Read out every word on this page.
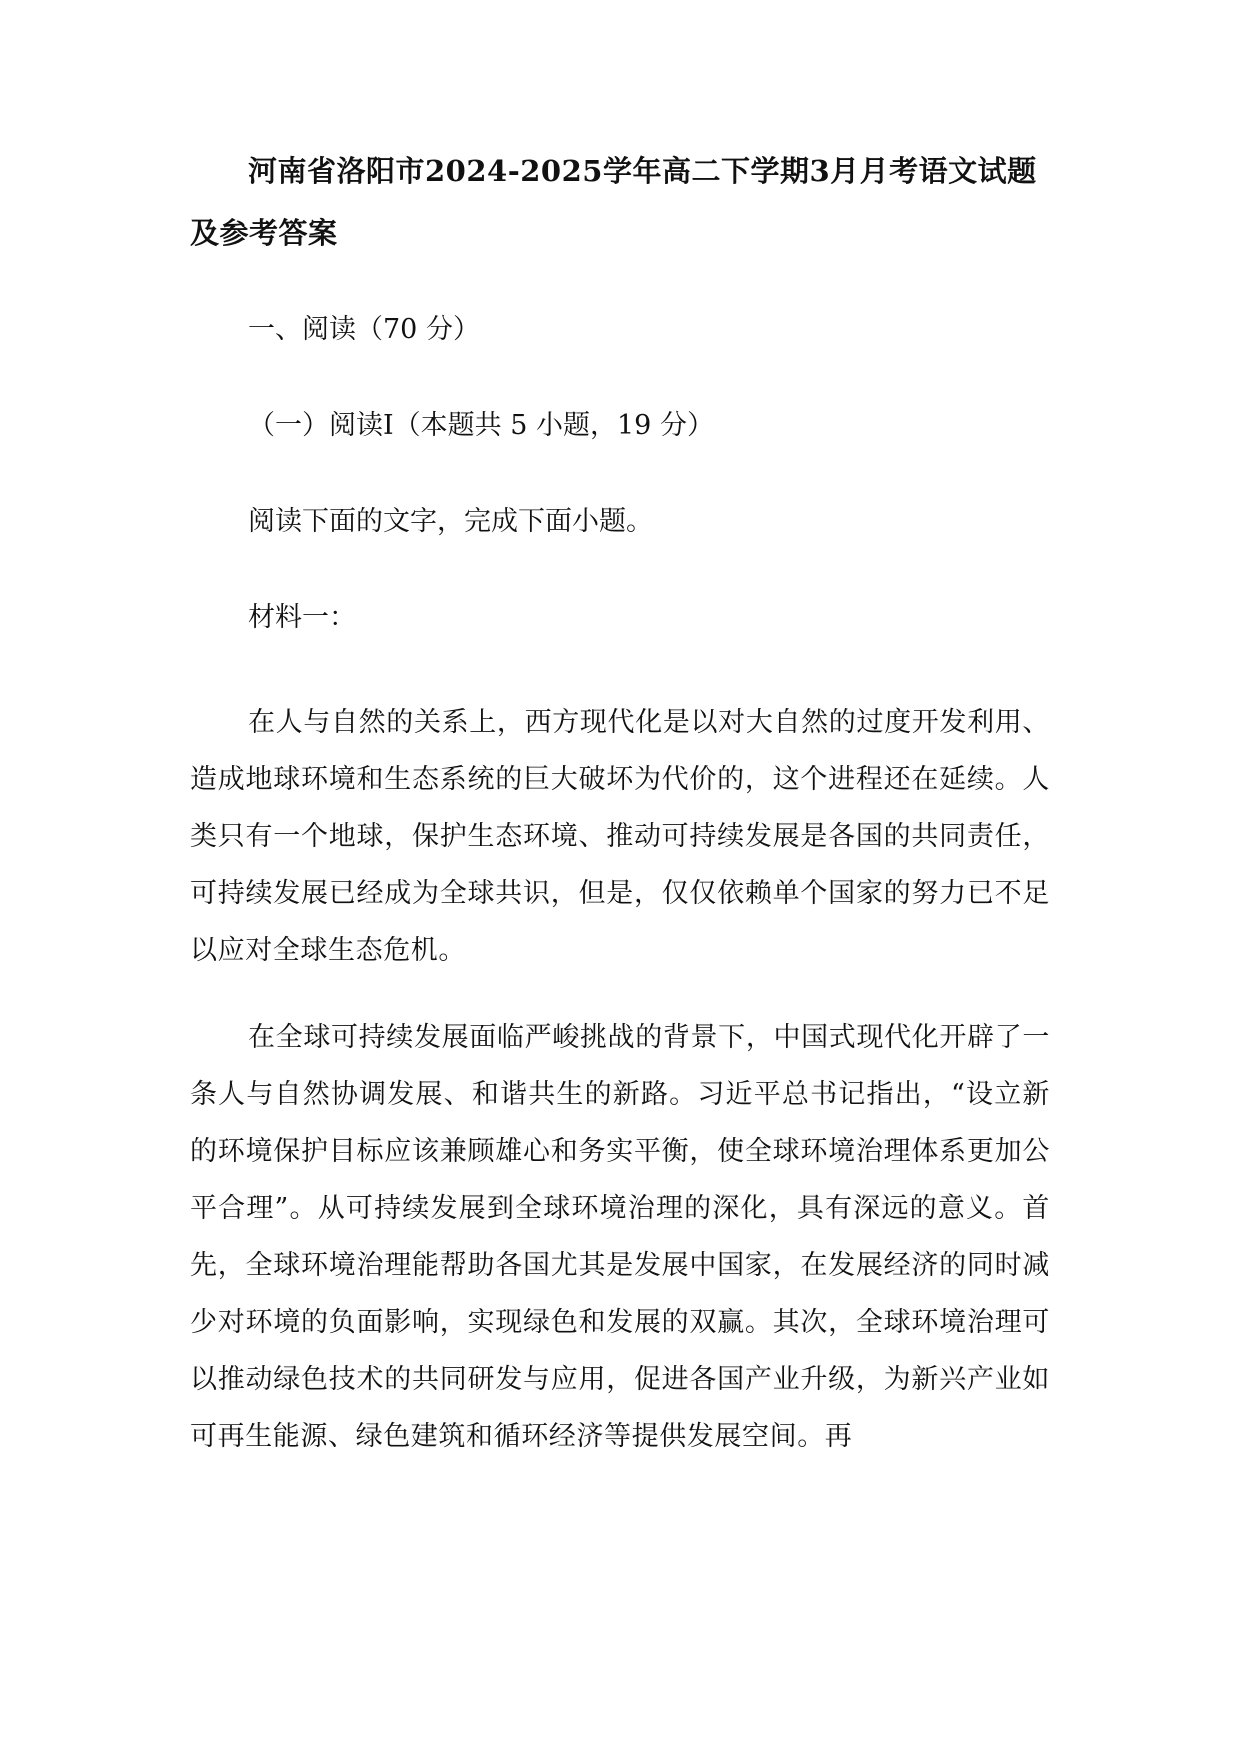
河南省洛阳市2024-2025学年高二下学期3月月考语文试题及参考答案

一、阅读（70 分）

（一）阅读Ⅰ（本题共 5 小题，19 分）

阅读下面的文字，完成下面小题。

材料一：

在人与自然的关系上，西方现代化是以对大自然的过度开发利用、造成地球环境和生态系统的巨大破坏为代价的，这个进程还在延续。人类只有一个地球，保护生态环境、推动可持续发展是各国的共同责任，可持续发展已经成为全球共识，但是，仅仅依赖单个国家的努力已不足以应对全球生态危机。

在全球可持续发展面临严峻挑战的背景下，中国式现代化开辟了一条人与自然协调发展、和谐共生的新路。习近平总书记指出，“设立新的环境保护目标应该兼顾雄心和务实平衡，使全球环境治理体系更加公平合理”。从可持续发展到全球环境治理的深化，具有深远的意义。首先，全球环境治理能帮助各国尤其是发展中国家，在发展经济的同时减少对环境的负面影响，实现绿色和发展的双赢。其次，全球环境治理可以推动绿色技术的共同研发与应用，促进各国产业升级，为新兴产业如可再生能源、绿色建筑和循环经济等提供发展空间。再
